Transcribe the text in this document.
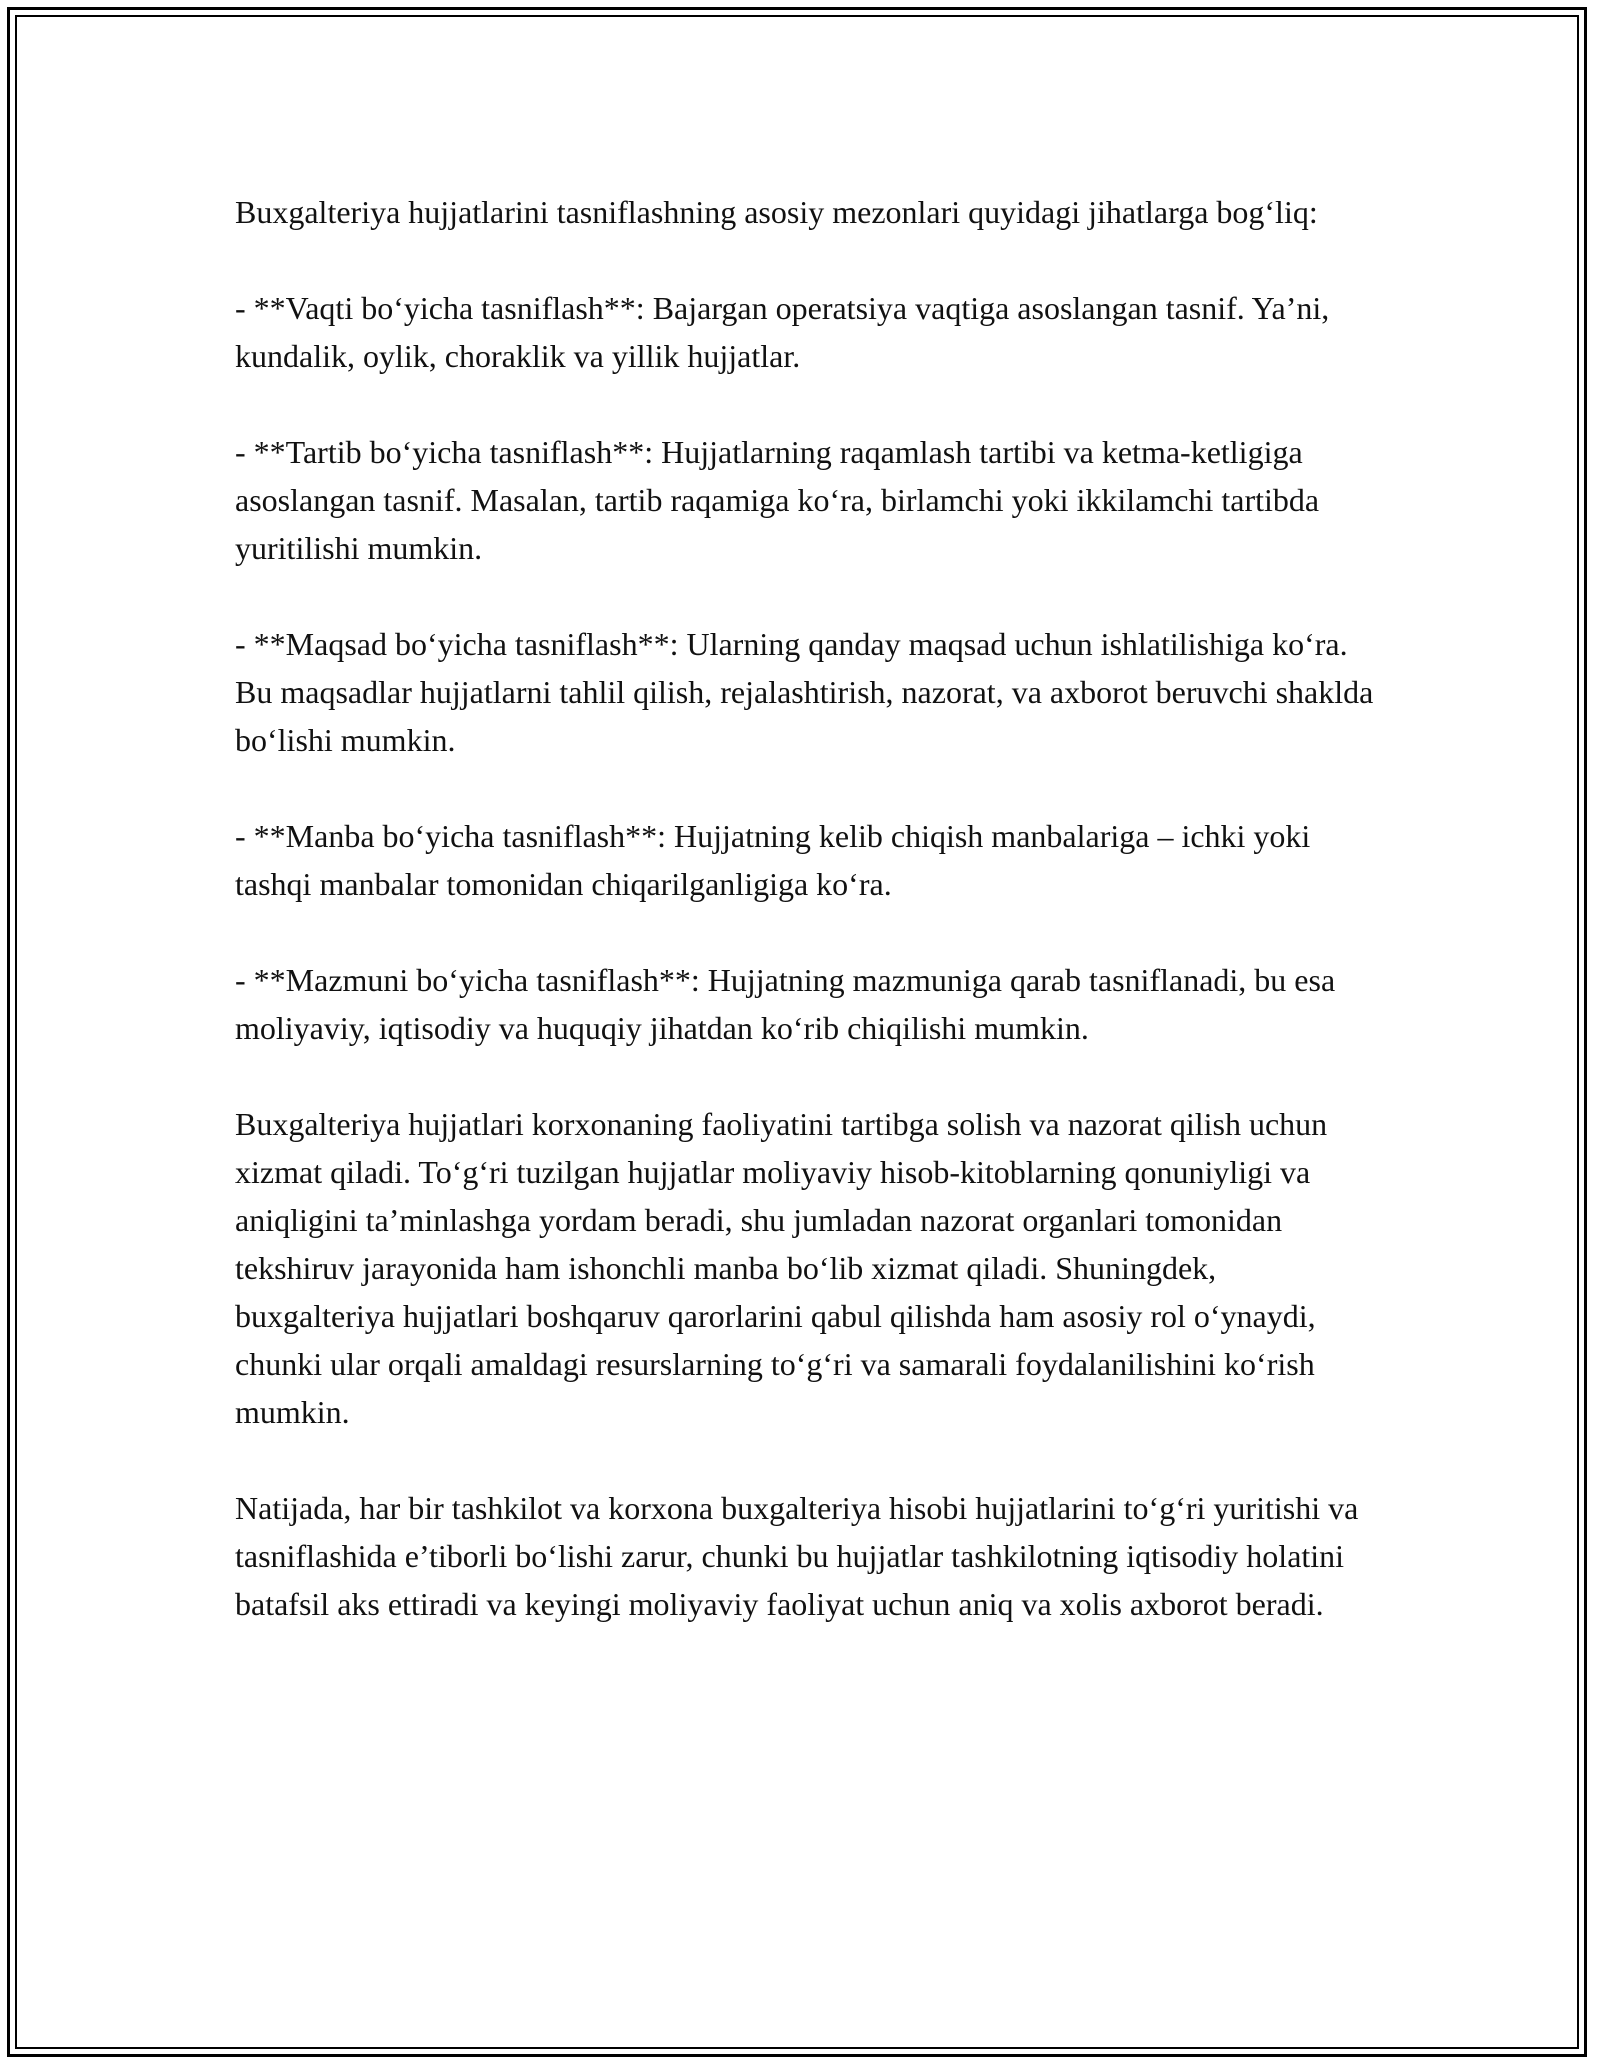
Buxgalteriya hujjatlarini tasniflashning asosiy mezonlari quyidagi jihatlarga bog‘liq:

- **Vaqti bo‘yicha tasniflash**: Bajargan operatsiya vaqtiga asoslangan tasnif. Ya’ni, kundalik, oylik, choraklik va yillik hujjatlar.

- **Tartib bo‘yicha tasniflash**: Hujjatlarning raqamlash tartibi va ketma-ketligiga asoslangan tasnif. Masalan, tartib raqamiga ko‘ra, birlamchi yoki ikkilamchi tartibda yuritilishi mumkin.

- **Maqsad bo‘yicha tasniflash**: Ularning qanday maqsad uchun ishlatilishiga ko‘ra. Bu maqsadlar hujjatlarni tahlil qilish, rejalashtirish, nazorat, va axborot beruvchi shaklda bo‘lishi mumkin.

- **Manba bo‘yicha tasniflash**: Hujjatning kelib chiqish manbalariga – ichki yoki tashqi manbalar tomonidan chiqarilganligiga ko‘ra.

- **Mazmuni bo‘yicha tasniflash**: Hujjatning mazmuniga qarab tasniflanadi, bu esa moliyaviy, iqtisodiy va huquqiy jihatdan ko‘rib chiqilishi mumkin.

Buxgalteriya hujjatlari korxonaning faoliyatini tartibga solish va nazorat qilish uchun xizmat qiladi. To‘g‘ri tuzilgan hujjatlar moliyaviy hisob-kitoblarning qonuniyligi va aniqligini ta’minlashga yordam beradi, shu jumladan nazorat organlari tomonidan tekshiruv jarayonida ham ishonchli manba bo‘lib xizmat qiladi. Shuningdek, buxgalteriya hujjatlari boshqaruv qarorlarini qabul qilishda ham asosiy rol o‘ynaydi, chunki ular orqali amaldagi resurslarning to‘g‘ri va samarali foydalanilishini ko‘rish mumkin.

Natijada, har bir tashkilot va korxona buxgalteriya hisobi hujjatlarini to‘g‘ri yuritishi va tasniflashida e’tiborli bo‘lishi zarur, chunki bu hujjatlar tashkilotning iqtisodiy holatini batafsil aks ettiradi va keyingi moliyaviy faoliyat uchun aniq va xolis axborot beradi.
